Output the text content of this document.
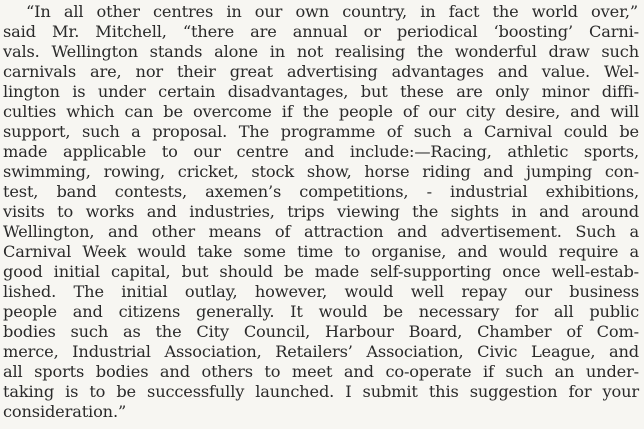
“In all other centres in our own country, in fact the world over,”
said Mr. Mitchell, “there are annual or periodical ‘boosting’ Carni-
vals. Wellington stands alone in not realising the wonderful draw such
carnivals are, nor their great advertising advantages and value. Wel-
lington is under certain disadvantages, but these are only minor diffi-
culties which can be overcome if the people of our city desire, and will
support, such a proposal. The programme of such a Carnival could be
made applicable to our centre and include:—Racing, athletic sports,
swimming, rowing, cricket, stock show, horse riding and jumping con-
test, band contests, axemen’s competitions, - industrial exhibitions,
visits to works and industries, trips viewing the sights in and around
Wellington, and other means of attraction and advertisement. Such a
Carnival Week would take some time to organise, and would require a
good initial capital, but should be made self-supporting once well-estab-
lished. The initial outlay, however, would well repay our business
people and citizens generally. It would be necessary for all public
bodies such as the City Council, Harbour Board, Chamber of Com-
merce, Industrial Association, Retailers’ Association, Civic League, and
all sports bodies and others to meet and co-operate if such an under-
taking is to be successfully launched. I submit this suggestion for your
consideration.”
